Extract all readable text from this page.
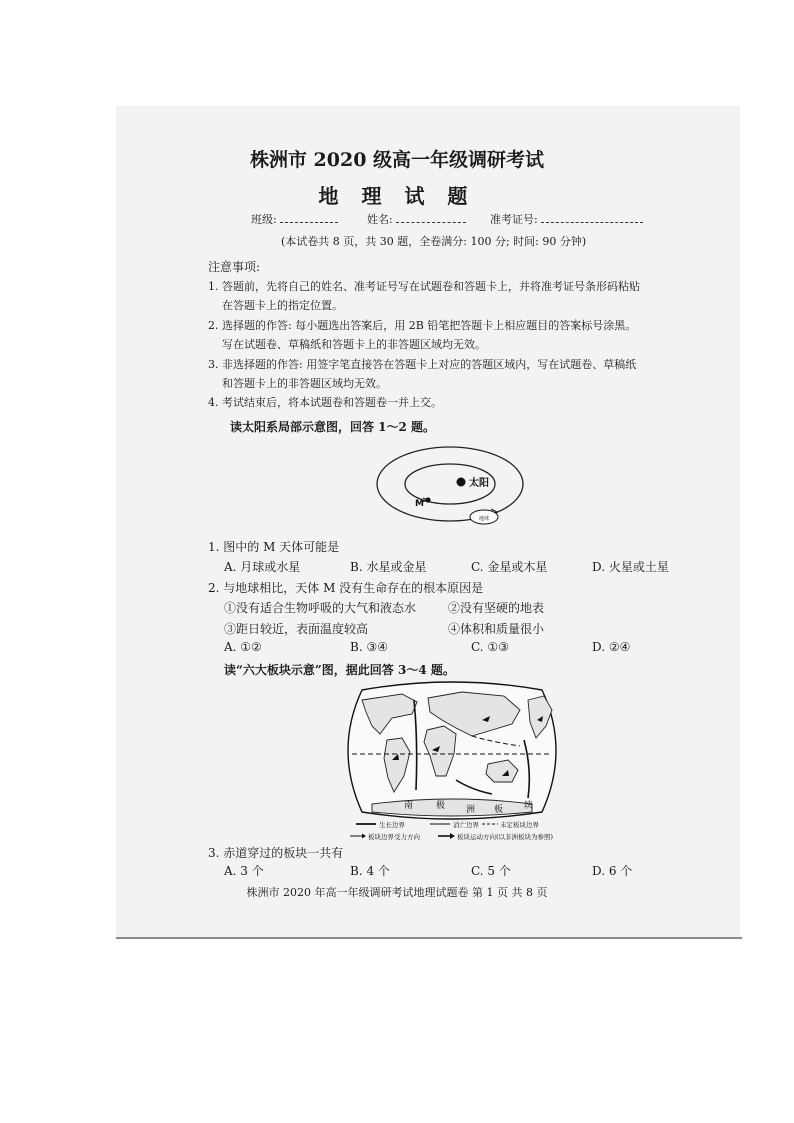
株洲市 2020 级高一年级调研考试
地 理 试 题
班级:	姓名:	准考证号:
(本试卷共 8 页，共 30 题，全卷满分: 100 分; 时间: 90 分钟)
注意事项:
1. 答题前，先将自己的姓名、准考证号写在试题卷和答题卡上，并将准考证号条形码粘贴
在答题卡上的指定位置。
2. 选择题的作答: 每小题选出答案后，用 2B 铅笔把答题卡上相应题目的答案标号涂黑。
写在试题卷、草稿纸和答题卡上的非答题区域均无效。
3. 非选择题的作答: 用签字笔直接答在答题卡上对应的答题区域内，写在试题卷、草稿纸
和答题卡上的非答题区域均无效。
4. 考试结束后，将本试题卷和答题卷一并上交。
读太阳系局部示意图，回答 1～2 题。
太阳
M
地球
1. 图中的 M 天体可能是
A. 月球或水星	B. 水星或金星	C. 金星或木星	D. 火星或土星
2. 与地球相比，天体 M 没有生命存在的根本原因是
①没有适合生物呼吸的大气和液态水	②没有坚硬的地表
③距日较近，表面温度较高	④体积和质量很小
A. ①②	B. ③④	C. ①③	D. ②④
读“六大板块示意”图，据此回答 3～4 题。
南	极 洲 板 块
生长边界	消亡边界	未定板块边界
板块边界受力方向	板块运动方向(以非洲板块为参照)
3. 赤道穿过的板块一共有
A. 3 个	B. 4 个	C. 5 个	D. 6 个
株洲市 2020 年高一年级调研考试地理试题卷 第 1 页 共 8 页
